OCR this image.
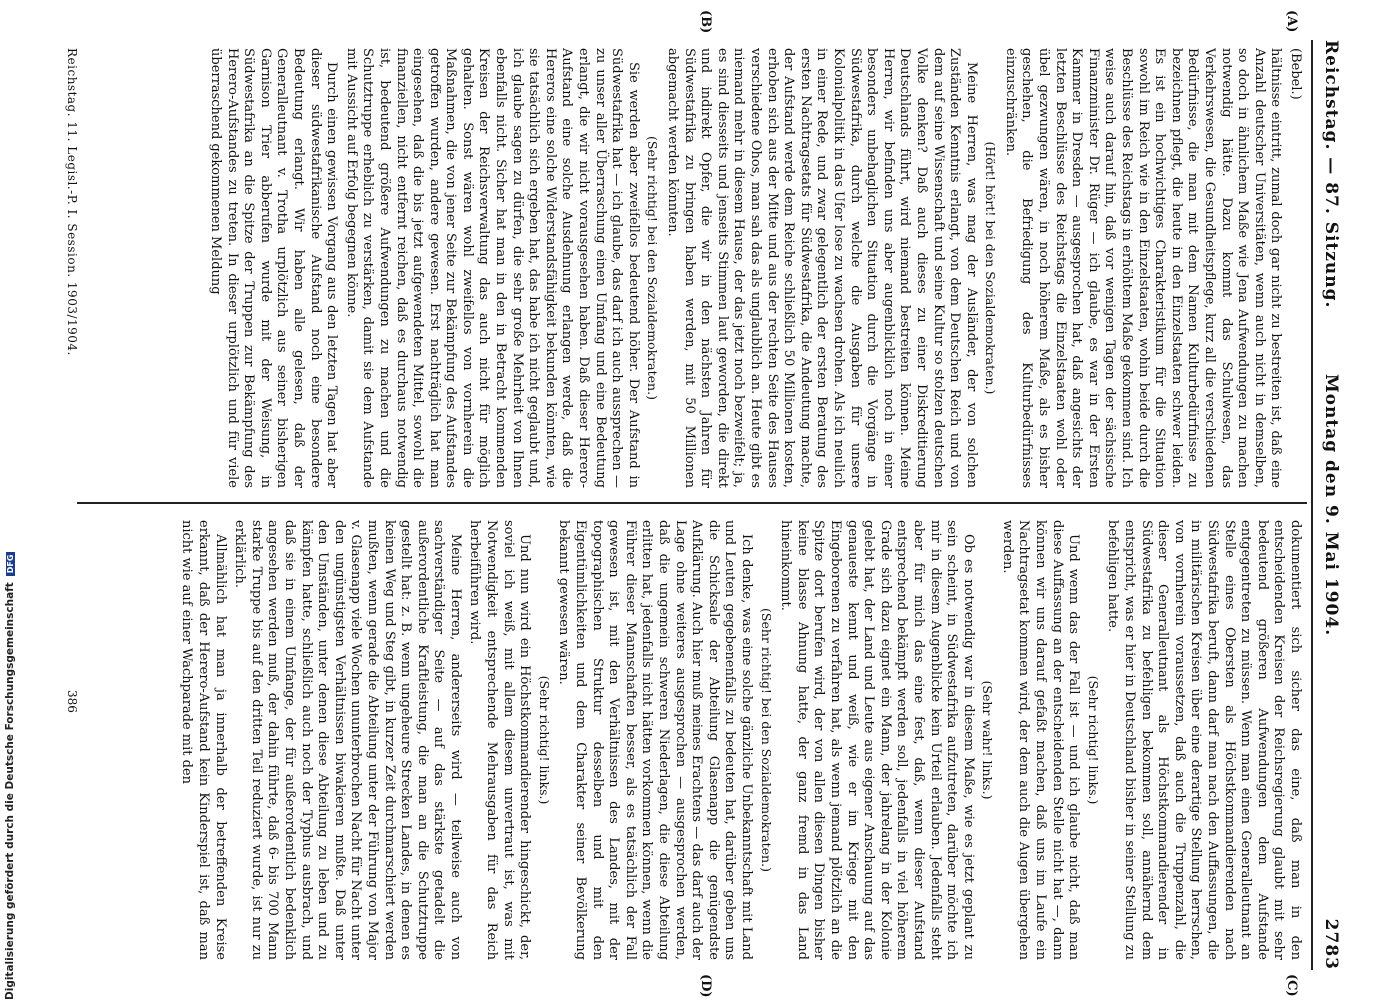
Digitalisierung gefördert durch die Deutsche ForschungsgemeinschaftDFG
Reichstag. — 87. Sitzung.
Montag den 9. Mai 1904.
2783
(A)
(B)
(C)
(D)

(Bebel.)

hältnisse eintritt, zumal doch gar nicht zu bestreiten ist, daß eine Anzahl deutscher Universitäten, wenn auch nicht in demselben, so doch in ähnlichem Maße wie Jena Aufwendungen zu machen notwendig hätte. Dazu kommt das Schulwesen, das Verkehrswesen, die Gesundheitspflege, kurz all die verschiedenen Bedürfnisse, die man mit dem Namen Kulturbedürfnisse zu bezeichnen pflegt, die heute in den Einzelstaaten schwer leiden. Es ist ein hochwichtiges Charakteristikum für die Situation sowohl im Reich wie in den Einzelstaaten, wohin beide durch die Beschlüsse des Reichstags in erhöhtem Maße gekommen sind. Ich weise auch darauf hin, daß vor wenigen Tagen der sächsische Finanzminister Dr. Rüger — ich glaube, es war in der Ersten Kammer in Dresden — ausgesprochen hat, daß angesichts der letzten Beschlüsse des Reichstags die Einzelstaaten wohl oder übel gezwungen wären, in noch höherem Maße, als es bisher geschehen, die Befriedigung des Kulturbedürfnisses einzuschränken.

(Hört! hört! bei den Sozialdemokraten.)

Meine Herren, was mag der Ausländer, der von solchen Zuständen Kenntnis erlangt, von dem Deutschen Reich und von dem auf seine Wissenschaft und seine Kultur so stolzen deutschen Volke denken? Daß auch dieses zu einer Diskreditierung Deutschlands führt, wird niemand bestreiten können. Meine Herren, wir befinden uns aber augenblicklich noch in einer besonders unbehaglichen Situation durch die Vorgänge in Südwestafrika, durch welche die Ausgaben für unsere Kolonialpolitik in das Ufer lose zu wachsen drohen. Als ich neulich in einer Rede, und zwar gelegentlich der ersten Beratung des ersten Nachtragsetats für Südwestafrika, die Andeutung machte, der Aufstand werde dem Reiche schließlich 50 Millionen kosten, erhoben sich aus der Mitte und aus der rechten Seite des Hauses verschiedene Ohos, man sah das als unglaublich an. Heute gibt es niemand mehr in diesem Hause, der das jetzt noch bezweifelt; ja, es sind diesseits und jenseits Stimmen laut geworden, die direkt und indirekt Opfer, die wir in den nächsten Jahren für Südwestafrika zu bringen haben werden, mit 50 Millionen abgemacht werden könnten.

(Sehr richtig! bei den Sozialdemokraten.)

Sie werden aber zweifellos bedeutend höher. Der Aufstand in Südwestafrika hat — ich glaube, das darf ich auch aussprechen — zu unser aller Überraschung einen Umfang und eine Bedeutung erlangt, die wir nicht vorausgesehen haben. Daß dieser Herero-Aufstand eine solche Ausdehnung erlangen werde, daß die Hereros eine solche Widerstandsfähigkeit bekunden könnten, wie sie tatsächlich sich ergeben hat, das habe ich nicht geglaubt und, ich glaube sagen zu dürfen, die sehr große Mehrheit von Ihnen ebenfalls nicht. Sicher hat man in den in Betracht kommenden Kreisen der Reichsverwaltung das auch nicht für möglich gehalten. Sonst wären wohl zweifellos von vornherein die Maßnahmen, die von jener Seite zur Bekämpfung des Aufstandes getroffen wurden, andere gewesen. Erst nachträglich hat man eingesehen, daß die bis jetzt aufgewendeten Mittel, sowohl die finanziellen, nicht entfernt reichen, daß es durchaus notwendig ist, bedeutend größere Aufwendungen zu machen und die Schutztruppe erheblich zu verstärken, damit sie dem Aufstande mit Aussicht auf Erfolg begegnen könne.

Durch einen gewissen Vorgang aus den letzten Tagen hat aber dieser südwestafrikanische Aufstand noch eine besondere Bedeutung erlangt. Wir haben alle gelesen, daß der Generalleutnant v. Trotha urplötzlich aus seiner bisherigen Garnison Trier abberufen wurde mit der Weisung, in Südwestafrika an die Spitze der Truppen zur Bekämpfung des Herero-Aufstandes zu treten. In dieser urplötzlich und für viele überraschend gekommenen Meldung

dokumentiert sich sicher das eine, daß man in den entscheidenden Kreisen der Reichsregierung glaubt mit sehr bedeutend größeren Aufwendungen dem Aufstande entgegentreten zu müssen. Wenn man einen Generalleutnant an Stelle eines Obersten als Höchstkommandierenden nach Südwestafrika beruft, dann darf man nach den Auffassungen, die in militärischen Kreisen über eine derartige Stellung herrschen, von vornherein voraussetzen, daß auch die Truppenzahl, die dieser Generalleutnant als Höchstkommandierender in Südwestafrika zu befehligen bekommen soll, annähernd dem entspricht, was er hier in Deutschland bisher in seiner Stellung zu befehligen hatte.

(Sehr richtig! links.)

Und wenn das der Fall ist — und ich glaube nicht, daß man diese Auffassung an der entscheidenden Stelle nicht hat —, dann können wir uns darauf gefaßt machen, daß uns im Laufe ein Nachtragsetat kommen wird, der dem auch die Augen übergehen werden.

(Sehr wahr! links.)

Ob es notwendig war in diesem Maße, wie es jetzt geplant zu sein scheint, in Südwestafrika aufzutreten, darüber möchte ich mir in diesem Augenblicke kein Urteil erlauben. Jedenfalls steht aber für mich das eine fest, daß, wenn dieser Aufstand entsprechend bekämpft werden soll, jedenfalls in viel höherem Grade sich dazu eignet ein Mann, der jahrelang in der Kolonie gelebt hat, der Land und Leute aus eigener Anschauung auf das genaueste kennt und weiß, wie er im Kriege mit den Eingeborenen zu verfahren hat, als wenn jemand plötzlich an die Spitze dort berufen wird, der von allen diesen Dingen bisher keine blasse Ahnung hatte, der ganz fremd in das Land hineinkommt.

(Sehr richtig! bei den Sozialdemokraten.)

Ich denke, was eine solche gänzliche Unbekanntschaft mit Land und Leuten gegebenenfalls zu bedeuten hat, darüber geben uns die Schicksale der Abteilung Glasenapp die genügendste Aufklärung. Auch hier muß meines Erachtens — das darf auch der Lage ohne weiteres ausgesprochen — ausgesprochen werden, daß die ungemein schweren Niederlagen, die diese Abteilung erlitten hat, jedenfalls nicht hätten vorkommen können, wenn die Führer dieser Mannschaften besser, als es tatsächlich der Fall gewesen ist, mit den Verhältnissen des Landes, mit der topographischen Struktur desselben und mit den Eigentümlichkeiten und dem Charakter seiner Bevölkerung bekannt gewesen wären.

(Sehr richtig! links.)

Und nun wird ein Höchstkommandierender hingeschickt, der, soviel ich weiß, mit allem diesem unvertraut ist, was mit Notwendigkeit entsprechende Mehrausgaben für das Reich herbeiführen wird.

Meine Herren, andererseits wird — teilweise auch von sachverständiger Seite — auf das stärkste getadelt die außerordentliche Kraftleistung, die man an die Schutztruppe gestellt hat: z. B. wenn ungeheure Strecken Landes, in denen es keinen Weg und Steg gibt, in kurzer Zeit durchmarschiert werden mußten, wenn gerade die Abteilung unter der Führung von Major v. Glasenapp viele Wochen ununterbrochen Nacht für Nacht unter den ungünstigsten Verhältnissen biwakieren mußte. Daß unter den Umständen, unter denen diese Abteilung zu leben und zu kämpfen hatte, schließlich auch noch der Typhus ausbrach, und daß sie in einem Umfange, der für außerordentlich bedenklich angesehen werden muß, der dahin führte, daß 6- bis 700 Mann starke Truppe bis auf den dritten Teil reduziert wurde, ist nur zu erklärlich.

Allmählich hat man ja innerhalb der betreffenden Kreise erkannt, daß der Herero-Aufstand kein Kinderspiel ist, daß man nicht wie auf einer Wachparade mit den

Reichstag. 11. Legisl.-P. I. Session. 1903/1904.
386
